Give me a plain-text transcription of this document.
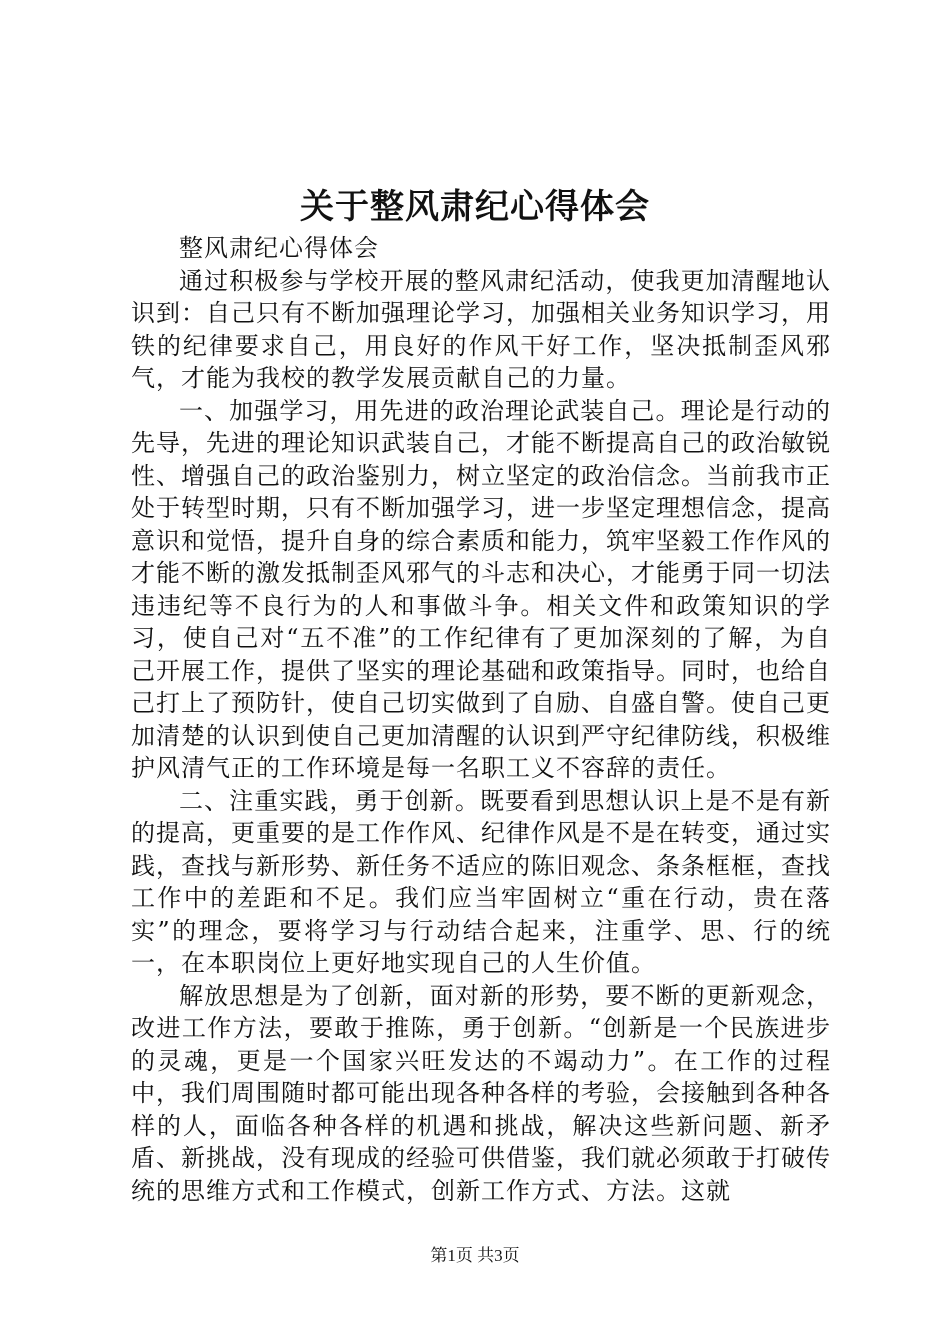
关于整风肃纪心得体会

整风肃纪心得体会

通过积极参与学校开展的整风肃纪活动，使我更加清醒地认识到：自己只有不断加强理论学习，加强相关业务知识学习，用铁的纪律要求自己，用良好的作风干好工作，坚决抵制歪风邪气，才能为我校的教学发展贡献自己的力量。

一、加强学习，用先进的政治理论武装自己。理论是行动的先导，先进的理论知识武装自己，才能不断提高自己的政治敏锐性、增强自己的政治鉴别力，树立坚定的政治信念。当前我市正处于转型时期，只有不断加强学习，进一步坚定理想信念，提高意识和觉悟，提升自身的综合素质和能力，筑牢坚毅工作作风的才能不断的激发抵制歪风邪气的斗志和决心，才能勇于同一切法违违纪等不良行为的人和事做斗争。相关文件和政策知识的学习，使自己对“五不准”的工作纪律有了更加深刻的了解，为自己开展工作，提供了坚实的理论基础和政策指导。同时，也给自己打上了预防针，使自己切实做到了自励、自盛自警。使自己更加清楚的认识到使自己更加清醒的认识到严守纪律防线，积极维护风清气正的工作环境是每一名职工义不容辞的责任。

二、注重实践，勇于创新。既要看到思想认识上是不是有新的提高，更重要的是工作作风、纪律作风是不是在转变，通过实践，查找与新形势、新任务不适应的陈旧观念、条条框框，查找工作中的差距和不足。我们应当牢固树立“重在行动，贵在落实”的理念，要将学习与行动结合起来，注重学、思、行的统一，在本职岗位上更好地实现自己的人生价值。

解放思想是为了创新，面对新的形势，要不断的更新观念，改进工作方法，要敢于推陈，勇于创新。“创新是一个民族进步的灵魂，更是一个国家兴旺发达的不竭动力”。在工作的过程中，我们周围随时都可能出现各种各样的考验，会接触到各种各样的人，面临各种各样的机遇和挑战，解决这些新问题、新矛盾、新挑战，没有现成的经验可供借鉴，我们就必须敢于打破传统的思维方式和工作模式，创新工作方式、方法。这就

第1页 共3页
